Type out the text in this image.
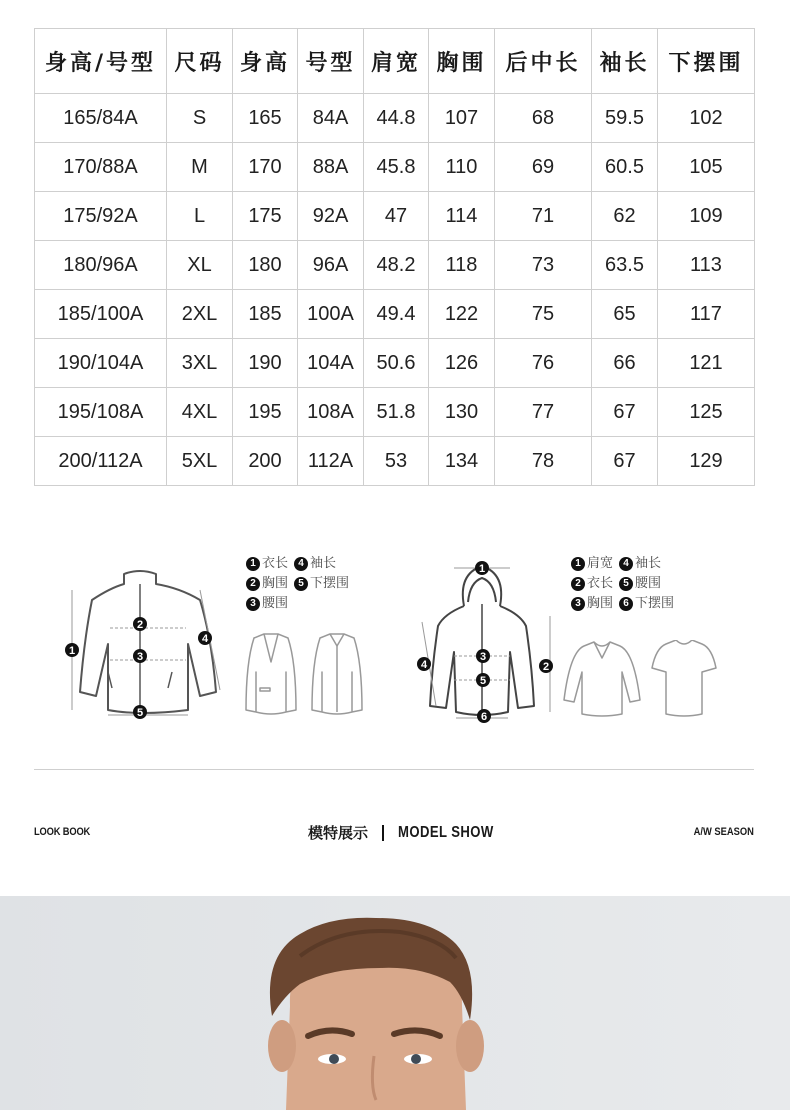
身高/号型	尺码	身高	号型	肩宽	胸围	后中长	袖长	下摆围
165/84A	S	165	84A	44.8	107	68	59.5	102
170/88A	M	170	88A	45.8	110	69	60.5	105
175/92A	L	175	92A	47	114	71	62	109
180/96A	XL	180	96A	48.2	118	73	63.5	113
185/100A	2XL	185	100A	49.4	122	75	65	117
190/104A	3XL	190	104A	50.6	126	76	66	121
195/108A	4XL	195	108A	51.8	130	77	67	125
200/112A	5XL	200	112A	53	134	78	67	129
1
2
3
4
5
1 衣长	4 袖长
2 胸围	5 下摆围
3 腰围
1
2
3
4
5
6
1 肩宽	4 袖长
2 衣长	5 腰围
3 胸围	6 下摆围
LOOK BOOK	模特展示 MODEL SHOW	A/W SEASON
